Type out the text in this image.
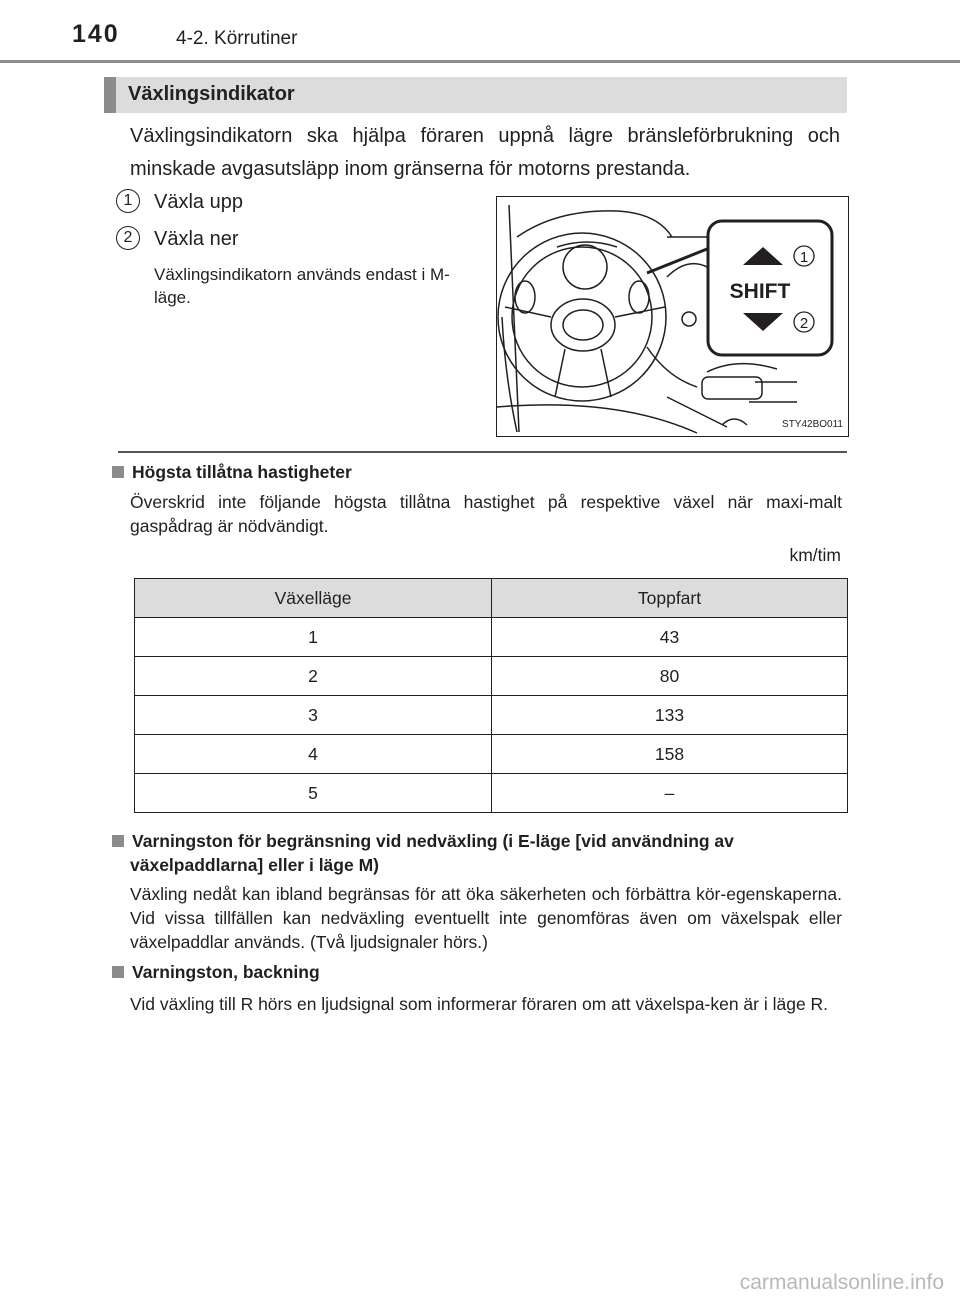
140	4-2. Körrutiner
Växlingsindikator
Växlingsindikatorn ska hjälpa föraren uppnå lägre bränsleförbrukning och minskade avgasutsläpp inom gränserna för motorns prestanda.
1	Växla upp
2	Växla ner
Växlingsindikatorn används endast i M-läge.	SHIFT
1
2
STY42BO011
Högsta tillåtna hastigheter
Överskrid inte följande högsta tillåtna hastighet på respektive växel när maxi-malt gaspådrag är nödvändigt.
km/tim
Växelläge	Toppfart
1	43
2	80
3	133
4	158
5	–
Varningston för begränsning vid nedväxling (i E-läge [vid användning av
växelpaddlarna] eller i läge M)
Växling nedåt kan ibland begränsas för att öka säkerheten och förbättra kör-egenskaperna. Vid vissa tillfällen kan nedväxling eventuellt inte genomföras även om växelspak eller växelpaddlar används. (Två ljudsignaler hörs.)
Varningston, backning
Vid växling till R hörs en ljudsignal som informerar föraren om att växelspa-ken är i läge R.
carmanualsonline.info
